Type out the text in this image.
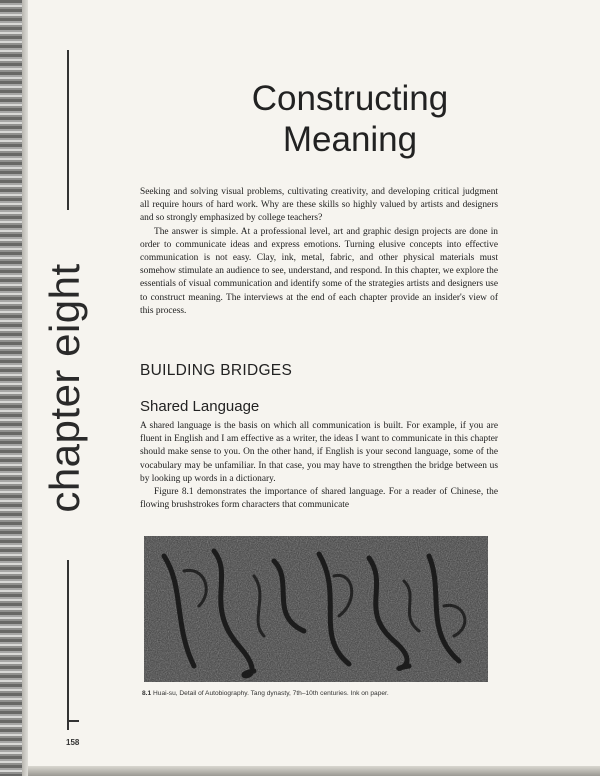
chapter eight
Constructing
Meaning

Seeking and solving visual problems, cultivating creativity, and developing critical judgment all require hours of hard work. Why are these skills so highly valued by artists and designers and so strongly emphasized by college teachers?

The answer is simple. At a professional level, art and graphic design projects are done in order to communicate ideas and express emotions. Turning elusive concepts into effective communication is not easy. Clay, ink, metal, fabric, and other physical materials must somehow stimulate an audience to see, understand, and respond. In this chapter, we explore the essentials of visual communication and identify some of the strategies artists and designers use to construct meaning. The interviews at the end of each chapter provide an insider's view of this process.

BUILDING BRIDGES
Shared Language

A shared language is the basis on which all communication is built. For example, if you are fluent in English and I am effective as a writer, the ideas I want to communicate in this chapter should make sense to you. On the other hand, if English is your second language, some of the vocabulary may be unfamiliar. In that case, you may have to strengthen the bridge between us by looking up words in a dictionary.

Figure 8.1 demonstrates the importance of shared language. For a reader of Chinese, the flowing brushstrokes form characters that communicate

8.1 Huai-su, Detail of Autobiography. Tang dynasty, 7th–10th centuries. Ink on paper.
158
